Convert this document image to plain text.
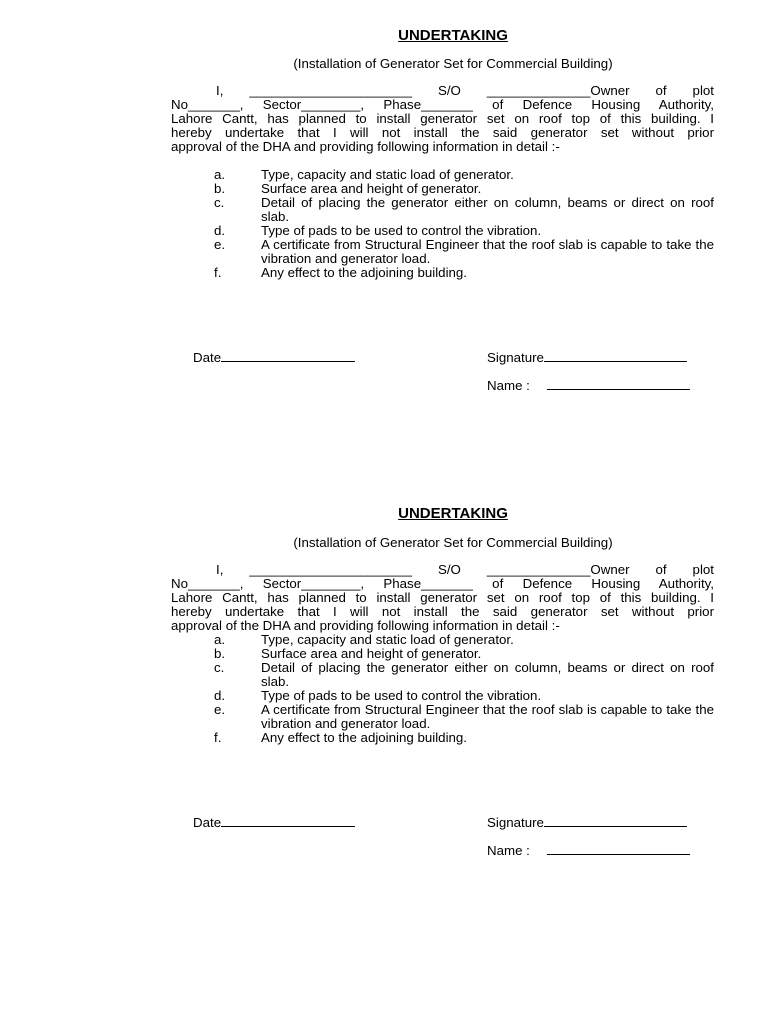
UNDERTAKING
(Installation of Generator Set for Commercial Building)
I, ______________________ S/O ______________Owner of plot
No_______, Sector________, Phase_______ of Defence Housing Authority,
Lahore Cantt, has planned to install generator set on roof top of this building. I
hereby undertake that I will not install the said generator set without prior
approval of the DHA and providing following information in detail :-
a.	Type, capacity and static load of generator.
b.	Surface area and height of generator.
c.	Detail of placing the generator either on column, beams or direct on roof slab.
d.	Type of pads to be used to control the vibration.
e.	A certificate from Structural Engineer that the roof slab is capable to take the vibration and generator load.
f.	Any effect to the adjoining building.
Date	Signature
Name :
UNDERTAKING
(Installation of Generator Set for Commercial Building)
I, ______________________ S/O ______________Owner of plot
No_______, Sector________, Phase_______ of Defence Housing Authority,
Lahore Cantt, has planned to install generator set on roof top of this building. I
hereby undertake that I will not install the said generator set without prior
approval of the DHA and providing following information in detail :-
a.	Type, capacity and static load of generator.
b.	Surface area and height of generator.
c.	Detail of placing the generator either on column, beams or direct on roof slab.
d.	Type of pads to be used to control the vibration.
e.	A certificate from Structural Engineer that the roof slab is capable to take the vibration and generator load.
f.	Any effect to the adjoining building.
Date	Signature
Name :
